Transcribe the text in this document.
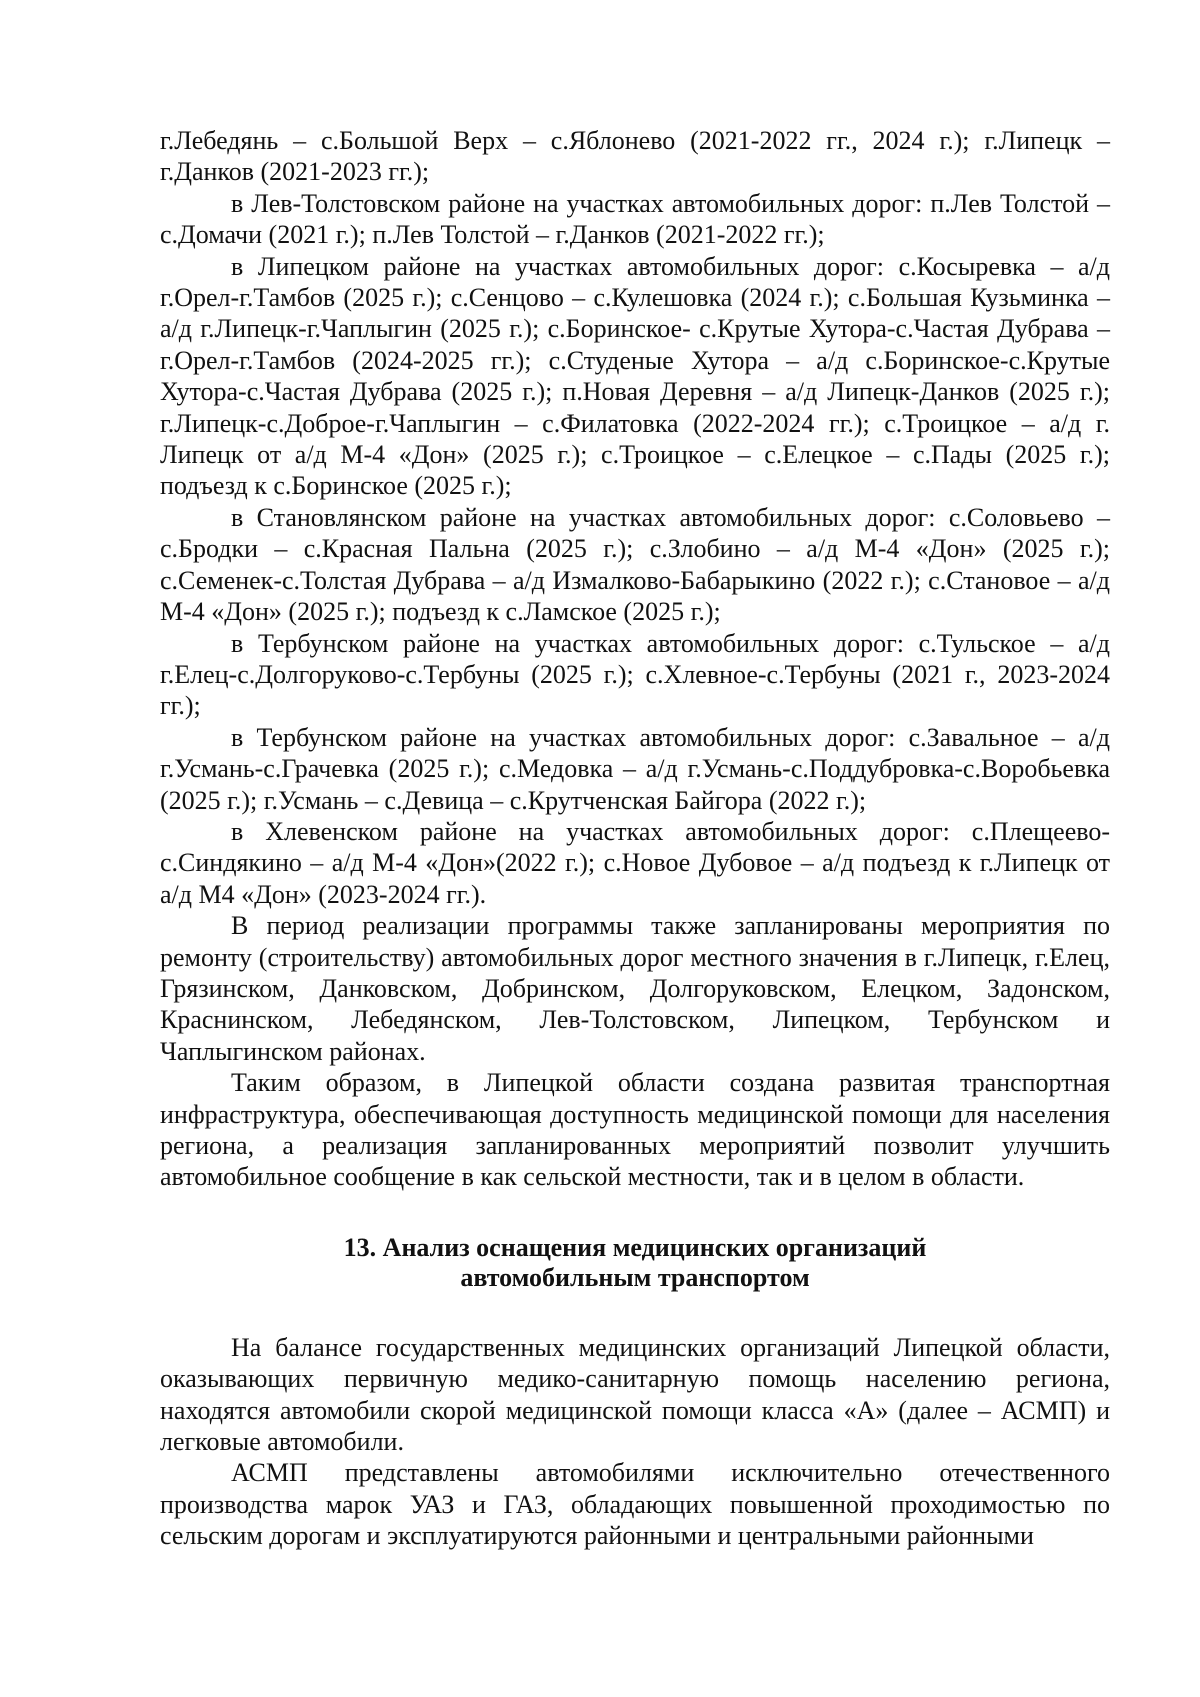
г.Лебедянь – с.Большой Верх – с.Яблонево (2021-2022 гг., 2024 г.); г.Липецк – г.Данков (2021-2023 гг.);

в Лев-Толстовском районе на участках автомобильных дорог: п.Лев Толстой – с.Домачи (2021 г.); п.Лев Толстой – г.Данков (2021-2022 гг.);

в Липецком районе на участках автомобильных дорог: с.Косыревка – а/д г.Орел-г.Тамбов (2025 г.); с.Сенцово – с.Кулешовка (2024 г.); с.Большая Кузьминка – а/д г.Липецк-г.Чаплыгин (2025 г.); с.Боринское- с.Крутые Хутора-с.Частая Дубрава – г.Орел-г.Тамбов (2024-2025 гг.); с.Студеные Хутора – а/д с.Боринское-с.Крутые Хутора-с.Частая Дубрава (2025 г.); п.Новая Деревня – а/д Липецк-Данков (2025 г.); г.Липецк-с.Доброе-г.Чаплыгин – с.Филатовка (2022-2024 гг.); с.Троицкое – а/д г. Липецк от а/д М-4 «Дон» (2025 г.); с.Троицкое – с.Елецкое – с.Пады (2025 г.); подъезд к с.Боринское (2025 г.);

в Становлянском районе на участках автомобильных дорог: с.Соловьево – с.Бродки – с.Красная Пальна (2025 г.); с.Злобино – а/д М-4 «Дон» (2025 г.); с.Семенек-с.Толстая Дубрава – а/д Измалково-Бабарыкино (2022 г.); с.Становое – а/д М-4 «Дон» (2025 г.); подъезд к с.Ламское (2025 г.);

в Тербунском районе на участках автомобильных дорог: с.Тульское – а/д г.Елец-с.Долгоруково-с.Тербуны (2025 г.); с.Хлевное-с.Тербуны (2021 г., 2023-2024 гг.);

в Тербунском районе на участках автомобильных дорог: с.Завальное – а/д г.Усмань-с.Грачевка (2025 г.); с.Медовка – а/д г.Усмань-с.Поддубровка-с.Воробьевка (2025 г.); г.Усмань – с.Девица – с.Крутченская Байгора (2022 г.);

в Хлевенском районе на участках автомобильных дорог: с.Плещеево-с.Синдякино – а/д М-4 «Дон»(2022 г.); с.Новое Дубовое – а/д подъезд к г.Липецк от а/д М4 «Дон» (2023-2024 гг.).

В период реализации программы также запланированы мероприятия по ремонту (строительству) автомобильных дорог местного значения в г.Липецк, г.Елец, Грязинском, Данковском, Добринском, Долгоруковском, Елецком, Задонском, Краснинском, Лебедянском, Лев-Толстовском, Липецком, Тербунском и Чаплыгинском районах.

Таким образом, в Липецкой области создана развитая транспортная инфраструктура, обеспечивающая доступность медицинской помощи для населения региона, а реализация запланированных мероприятий позволит улучшить автомобильное сообщение в как сельской местности, так и в целом в области.

13. Анализ оснащения медицинских организаций
автомобильным транспортом

На балансе государственных медицинских организаций Липецкой области, оказывающих первичную медико-санитарную помощь населению региона, находятся автомобили скорой медицинской помощи класса «А» (далее – АСМП) и легковые автомобили.

АСМП представлены автомобилями исключительно отечественного производства марок УАЗ и ГАЗ, обладающих повышенной проходимостью по сельским дорогам и эксплуатируются районными и центральными районными
